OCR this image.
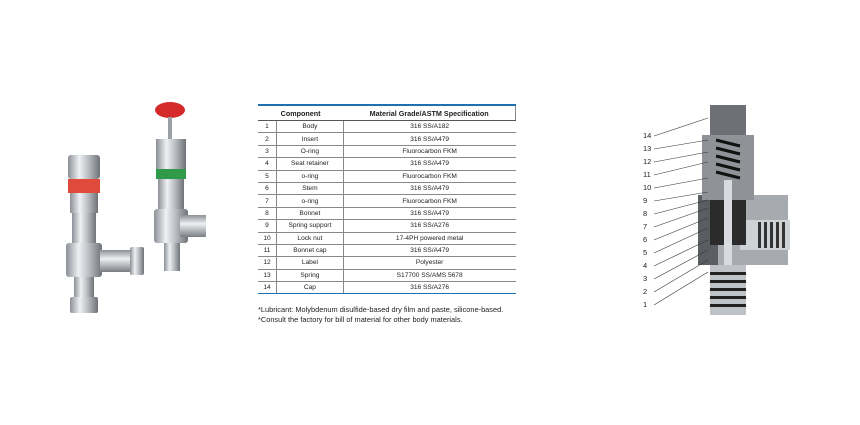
Component		Material Grade/ASTM Specification
1	Body	316 SS/A182
2	Insert	316 SS/A479
3	O-ring	Fluorocarbon FKM
4	Seat retainer	316 SS/A479
5	o-ring	Fluorocarbon FKM
6	Stem	316 SS/A479
7	o-ring	Fluorocarbon FKM
8	Bonnet	316 SS/A479
9	Spring support	316 SS/A276
10	Lock nut	17-4PH powered metal
11	Bonnet cap	316 SS/A479
12	Label	Polyester
13	Spring	S17700 SS/AMS 5678
14	Cap	316 SS/A276
*Lubricant: Molybdenum disulfide-based dry film and paste, silicone-based.
*Consult the factory for bill of material for other body materials.
14
13
12
11
10
9
8
7
6
5
4
3
2
1
